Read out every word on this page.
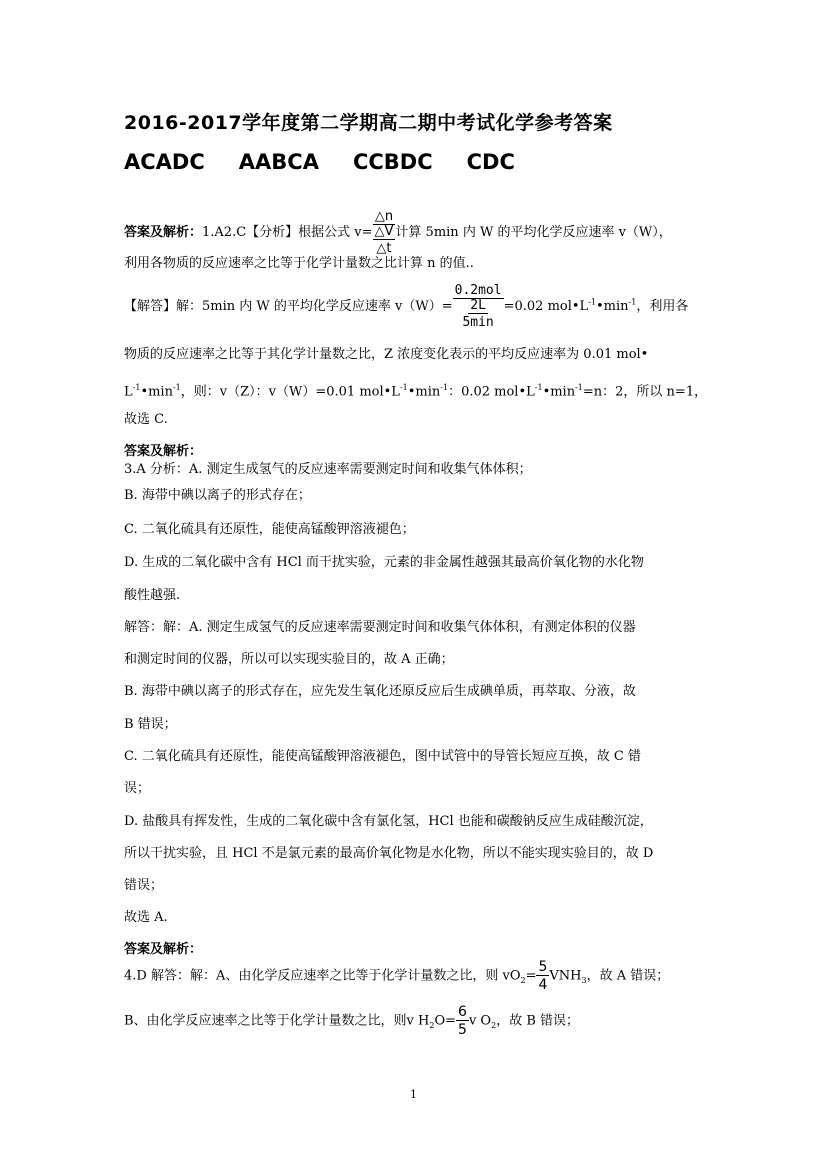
2016-2017学年度第二学期高二期中考试化学参考答案
ACADC AABCA CCBDC CDC
答案及解析：1.A2.C【分析】根据公式 v=
△n
△V
△t
计算 5min 内 W 的平均化学反应速率 v（W），
利用各物质的反应速率之比等于化学计量数之比计算 n 的值..
【解答】解：5min 内 W 的平均化学反应速率 v（W）=
0.2mol
2L
5min
=0.02 $mol•L^{-1}•\min^{-1}$，利用各
物质的反应速率之比等于其化学计量数之比，Z 浓度变化表示的平均反应速率为 0.01 mol•
$L^{-1}•\min^{-1}$，则：v（Z）：v（W）=0.01 $mol•L^{-1}•\min^{-1}$：0.02 $mol•L^{-1}•\min^{-1}=n$：2，所以 n=1，
故选 C.
答案及解析：
3.A 分析：A. 测定生成氢气的反应速率需要测定时间和收集气体体积；
B. 海带中碘以离子的形式存在；
C. 二氧化硫具有还原性，能使高锰酸钾溶液褪色；
D. 生成的二氧化碳中含有 HCl 而干扰实验，元素的非金属性越强其最高价氧化物的水化物
酸性越强.
解答：解：A. 测定生成氢气的反应速率需要测定时间和收集气体体积，有测定体积的仪器
和测定时间的仪器，所以可以实现实验目的，故 A 正确；
B. 海带中碘以离子的形式存在，应先发生氧化还原反应后生成碘单质，再萃取、分液，故
B 错误；
C. 二氧化硫具有还原性，能使高锰酸钾溶液褪色，图中试管中的导管长短应互换，故 C 错
误；
D. 盐酸具有挥发性，生成的二氧化碳中含有氯化氢，HCl 也能和碳酸钠反应生成硅酸沉淀，
所以干扰实验，且 HCl 不是氯元素的最高价氧化物是水化物，所以不能实现实验目的，故 D
错误；
故选 A.
答案及解析：
4.D 解答：解：A、由化学反应速率之比等于化学计量数之比，则 $vO_2= \frac{5}{4} VNH_3$，故 A 错误；
B、由化学反应速率之比等于化学计量数之比，则v $H_2O= \frac{6}{5}$ v $O_2$，故 B 错误；
1
